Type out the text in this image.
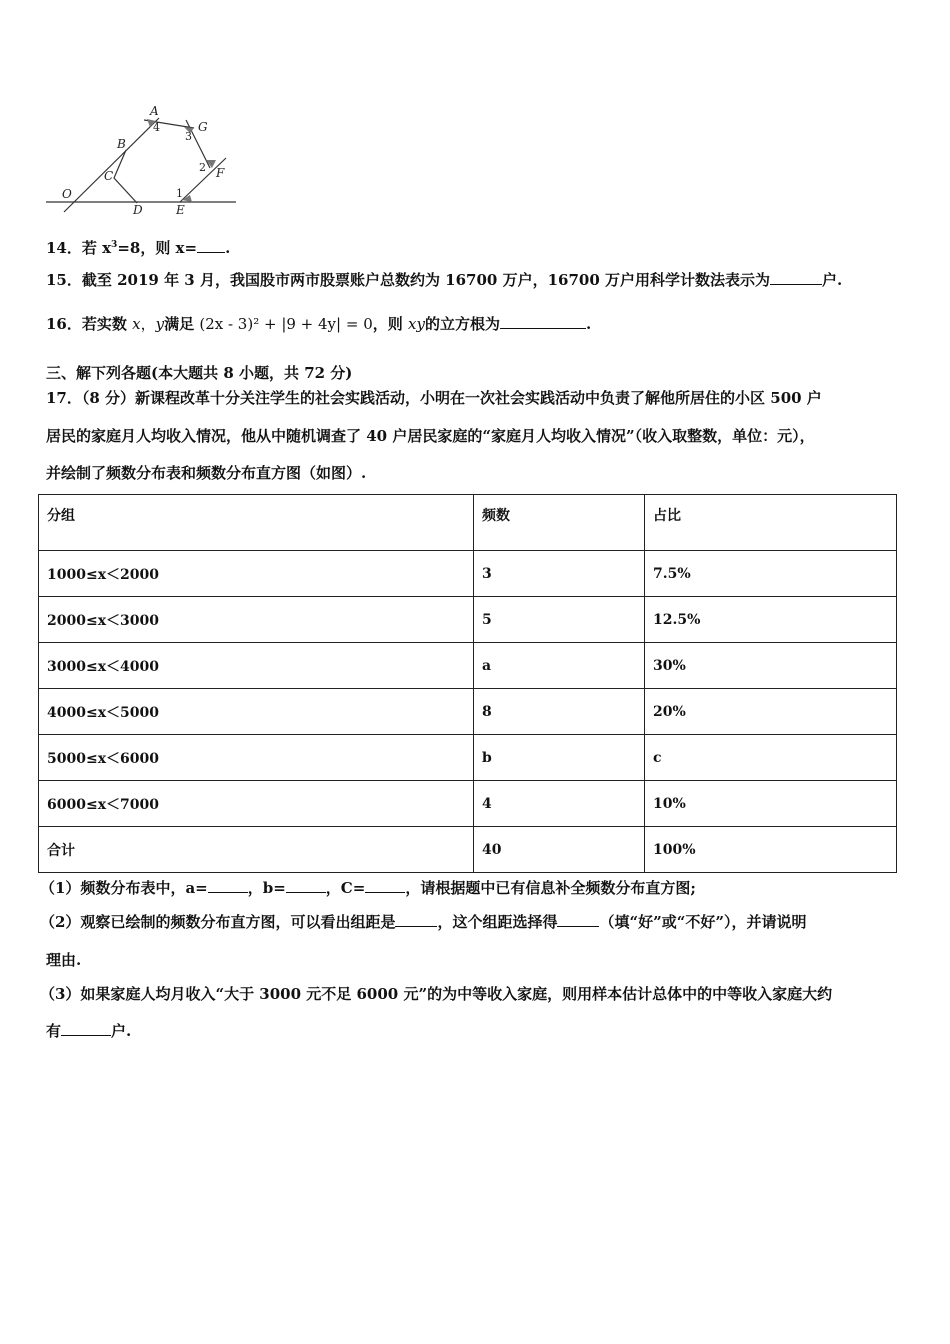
A
B
C
D	E
F
G
O	1
2
3
4
14．若 $x^3=8$，则 x= .
15．截至 2019 年 3 月，我国股市两市股票账户总数约为 16700 万户，16700 万户用科学计数法表示为	户.
16．若实数 x，y满足 (2x - 3)² + |9 + 4y| = 0，则 xy的立方根为	.
三、解下列各题(本大题共 8 小题，共 72 分)
17．（8 分）新课程改革十分关注学生的社会实践活动，小明在一次社会实践活动中负责了解他所居住的小区 500 户
居民的家庭月人均收入情况，他从中随机调查了 40 户居民家庭的“家庭月人均收入情况”（收入取整数，单位：元），
并绘制了频数分布表和频数分布直方图（如图）.
分组	频数	占比
1000≤x＜2000	3	7.5%
2000≤x＜3000	5	12.5%
3000≤x＜4000	a	30%
4000≤x＜5000	8	20%
5000≤x＜6000	b	c
6000≤x＜7000	4	10%
合计	40	100%
（1）频数分布表中，a=	，b=	，C=	，请根据题中已有信息补全频数分布直方图;
（2）观察已绘制的频数分布直方图，可以看出组距是	，这个组距选择得	（填“好”或“不好”），并请说明
理由.
（3）如果家庭人均月收入“大于 3000 元不足 6000 元”的为中等收入家庭，则用样本估计总体中的中等收入家庭大约
有	户.
